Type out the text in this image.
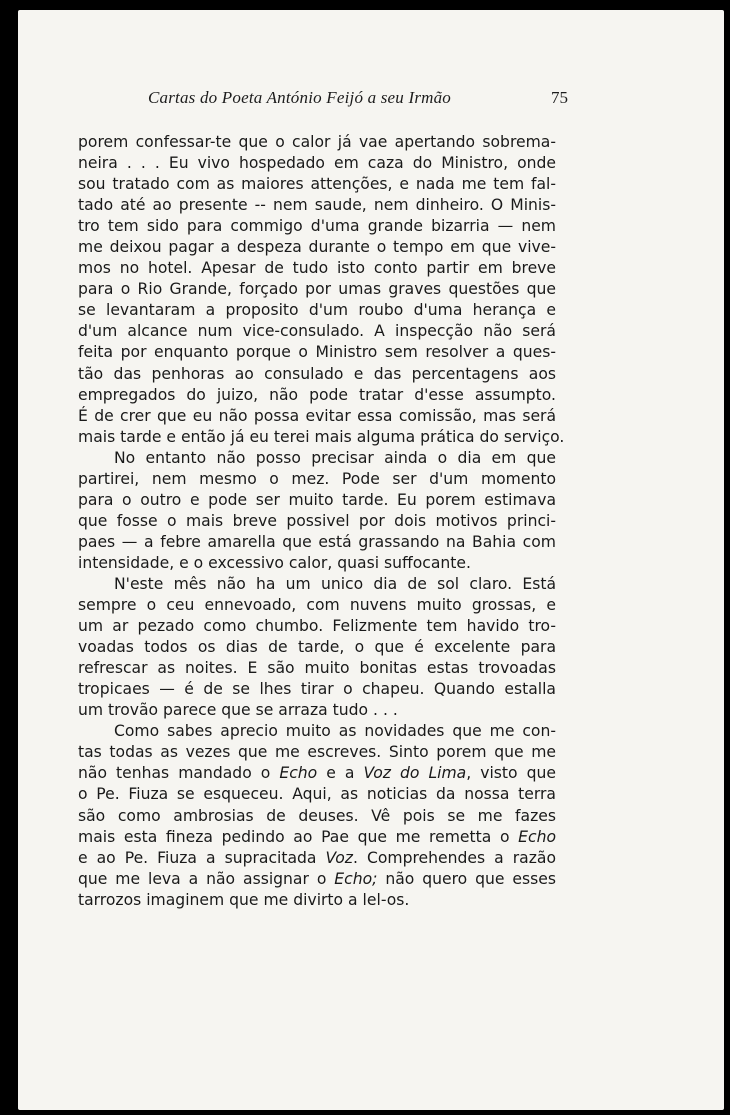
Cartas do Poeta António Feijó a seu Irmão	75
porem confessar-te que o calor já vae apertando sobrema-
neira . . . Eu vivo hospedado em caza do Ministro, onde
sou tratado com as maiores attenções, e nada me tem fal-
tado até ao presente -- nem saude, nem dinheiro. O Minis-
tro tem sido para commigo d'uma grande bizarria — nem
me deixou pagar a despeza durante o tempo em que vive-
mos no hotel. Apesar de tudo isto conto partir em breve
para o Rio Grande, forçado por umas graves questões que
se levantaram a proposito d'um roubo d'uma herança e
d'um alcance num vice-consulado. A inspecção não será
feita por enquanto porque o Ministro sem resolver a ques-
tão das penhoras ao consulado e das percentagens aos
empregados do juizo, não pode tratar d'esse assumpto.
É de crer que eu não possa evitar essa comissão, mas será
mais tarde e então já eu terei mais alguma prática do serviço.
No entanto não posso precisar ainda o dia em que
partirei, nem mesmo o mez. Pode ser d'um momento
para o outro e pode ser muito tarde. Eu porem estimava
que fosse o mais breve possivel por dois motivos princi-
paes — a febre amarella que está grassando na Bahia com
intensidade, e o excessivo calor, quasi suffocante.
N'este mês não ha um unico dia de sol claro. Está
sempre o ceu ennevoado, com nuvens muito grossas, e
um ar pezado como chumbo. Felizmente tem havido tro-
voadas todos os dias de tarde, o que é excelente para
refrescar as noites. E são muito bonitas estas trovoadas
tropicaes — é de se lhes tirar o chapeu. Quando estalla
um trovão parece que se arraza tudo . . .
Como sabes aprecio muito as novidades que me con-
tas todas as vezes que me escreves. Sinto porem que me
não tenhas mandado o Echo e a Voz do Lima, visto que
o Pe. Fiuza se esqueceu. Aqui, as noticias da nossa terra
são como ambrosias de deuses. Vê pois se me fazes
mais esta fineza pedindo ao Pae que me remetta o Echo
e ao Pe. Fiuza a supracitada Voz. Comprehendes a razão
que me leva a não assignar o Echo; não quero que esses
tarrozos imaginem que me divirto a lel-os.
